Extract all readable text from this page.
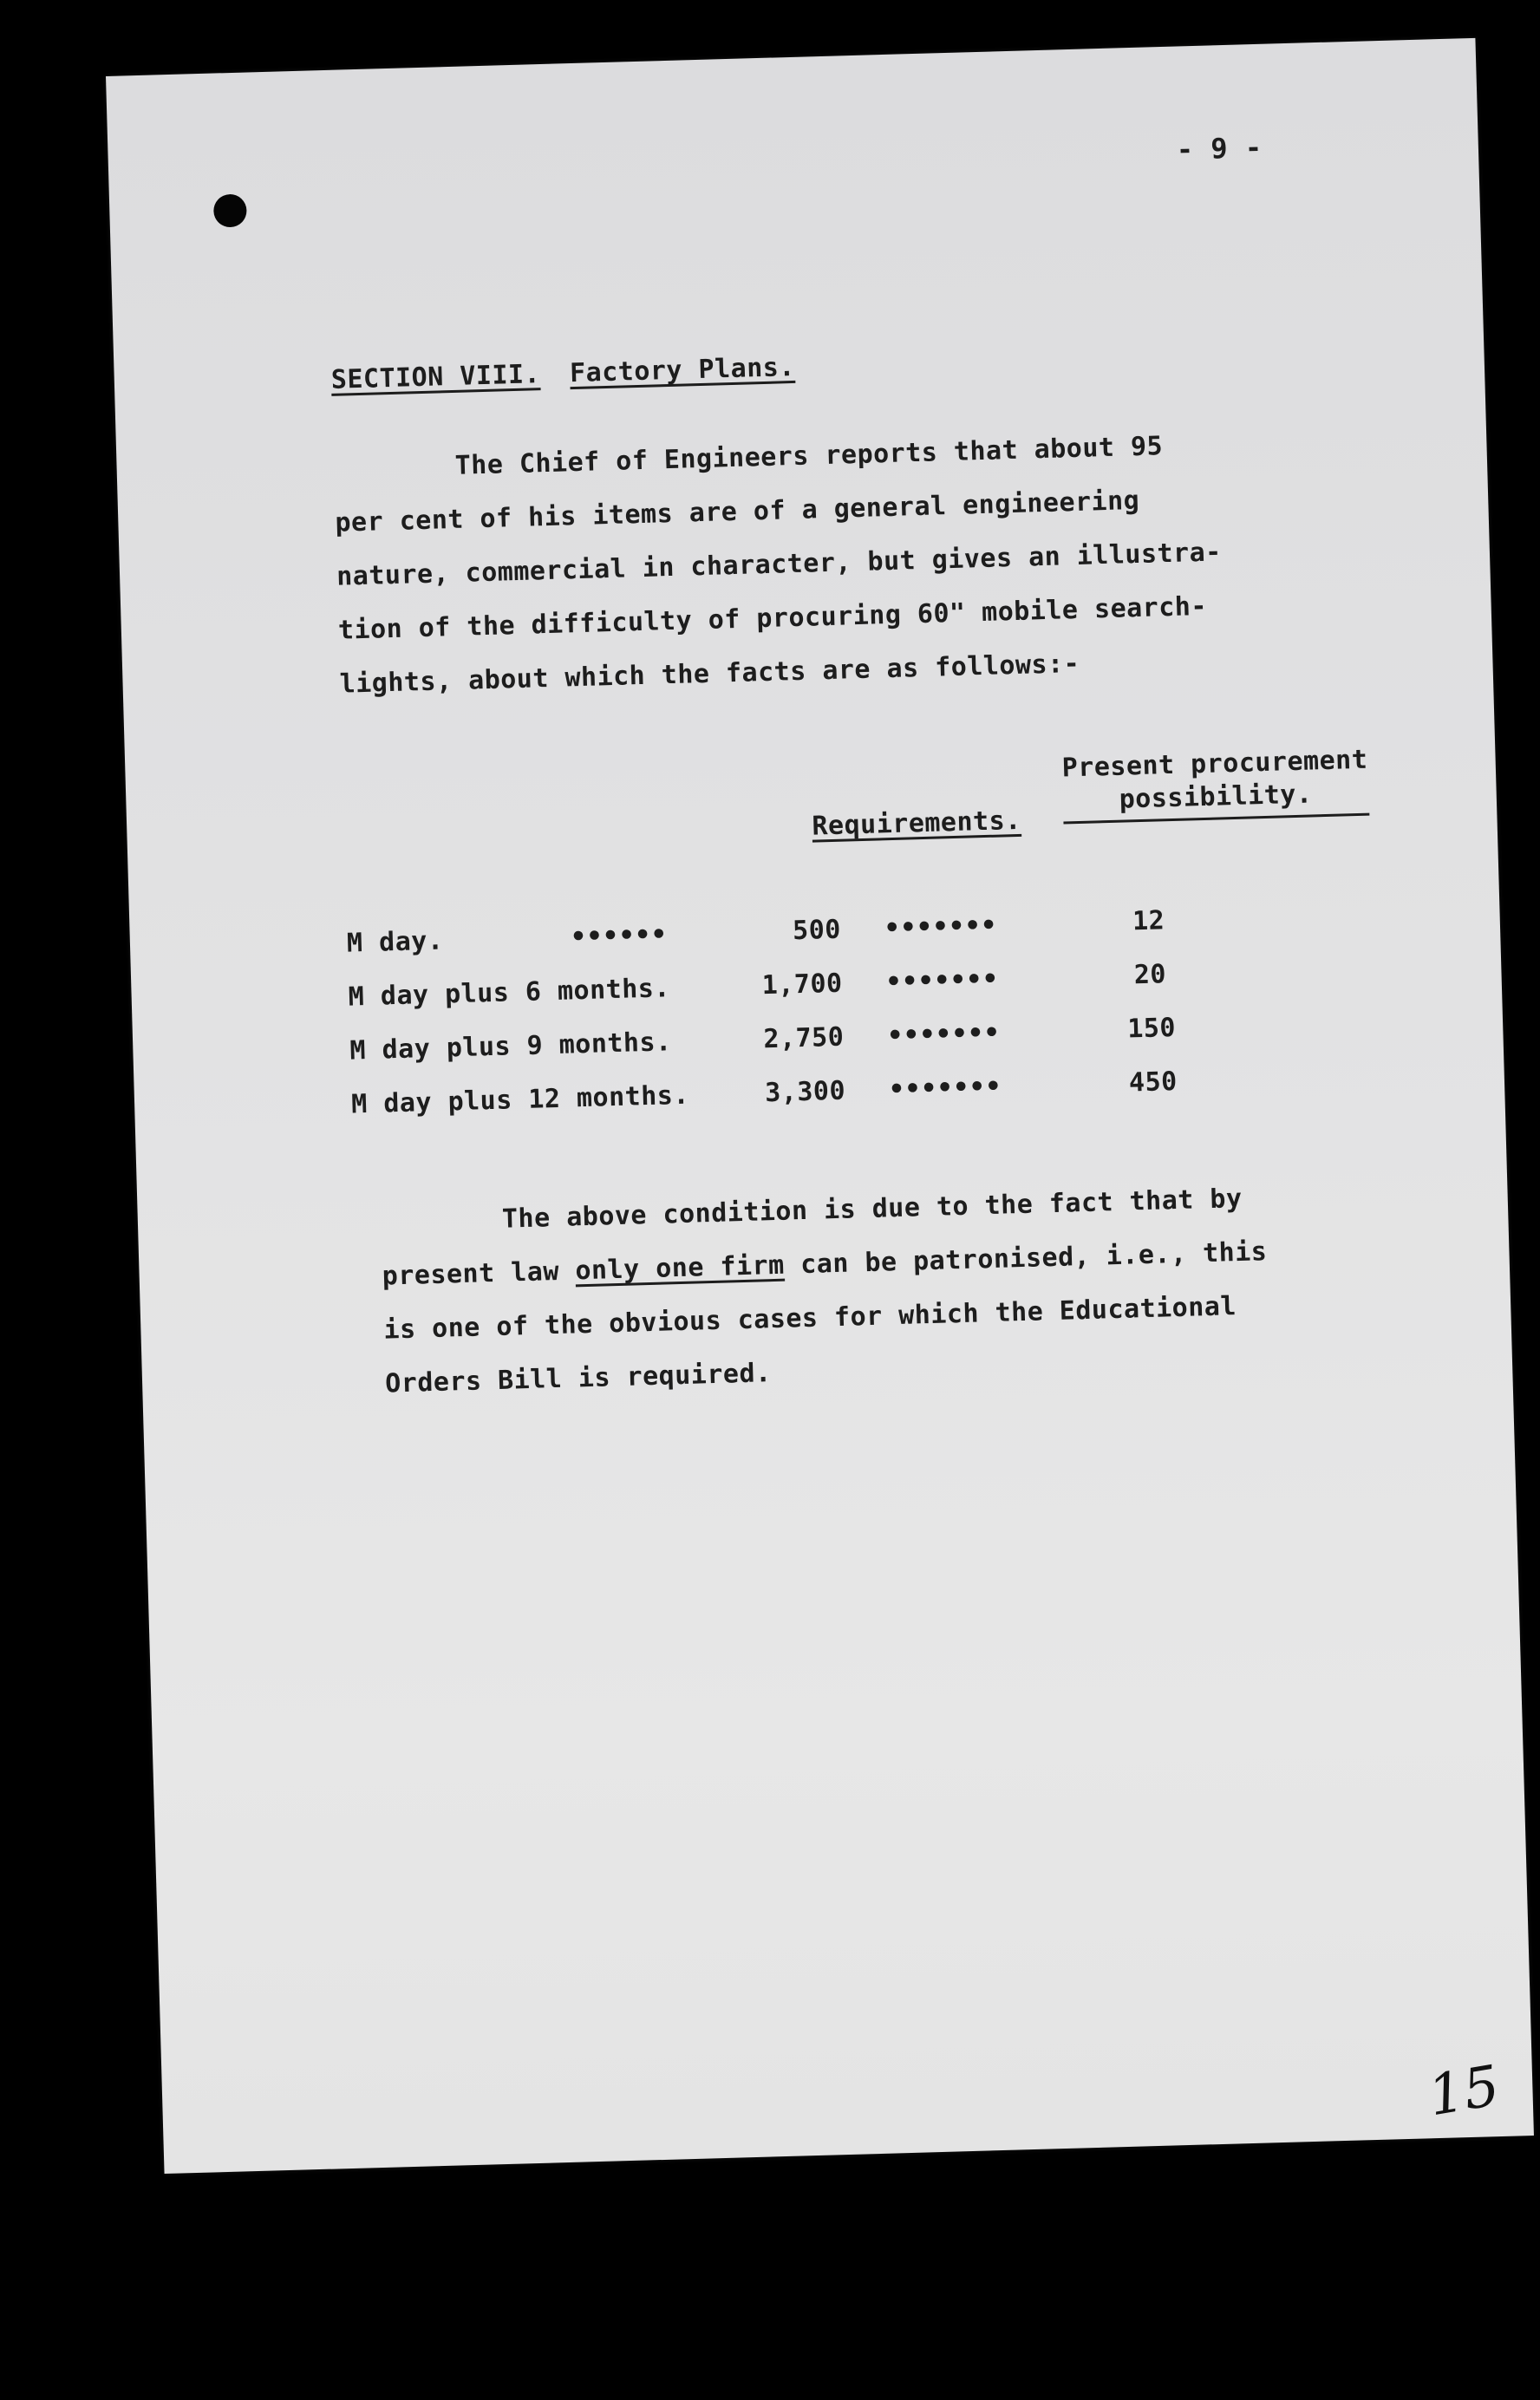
- 9 -
SECTION VIII. Factory Plans.
The Chief of Engineers reports that about 95
per cent of his items are of a general engineering
nature, commercial in character, but gives an illustra-
tion of the difficulty of procuring 60" mobile search-
lights, about which the facts are as follows:-
Requirements.
Present procurement
possibility.
M day.	••••••	500 •••••••	12
M day plus 6 months.	1,700 •••••••	20
M day plus 9 months.	2,750 •••••••	150
M day plus 12 months.	3,300 •••••••	450
The above condition is due to the fact that by
present law only one firm can be patronised, i.e., this
is one of the obvious cases for which the Educational
Orders Bill is required.
15
